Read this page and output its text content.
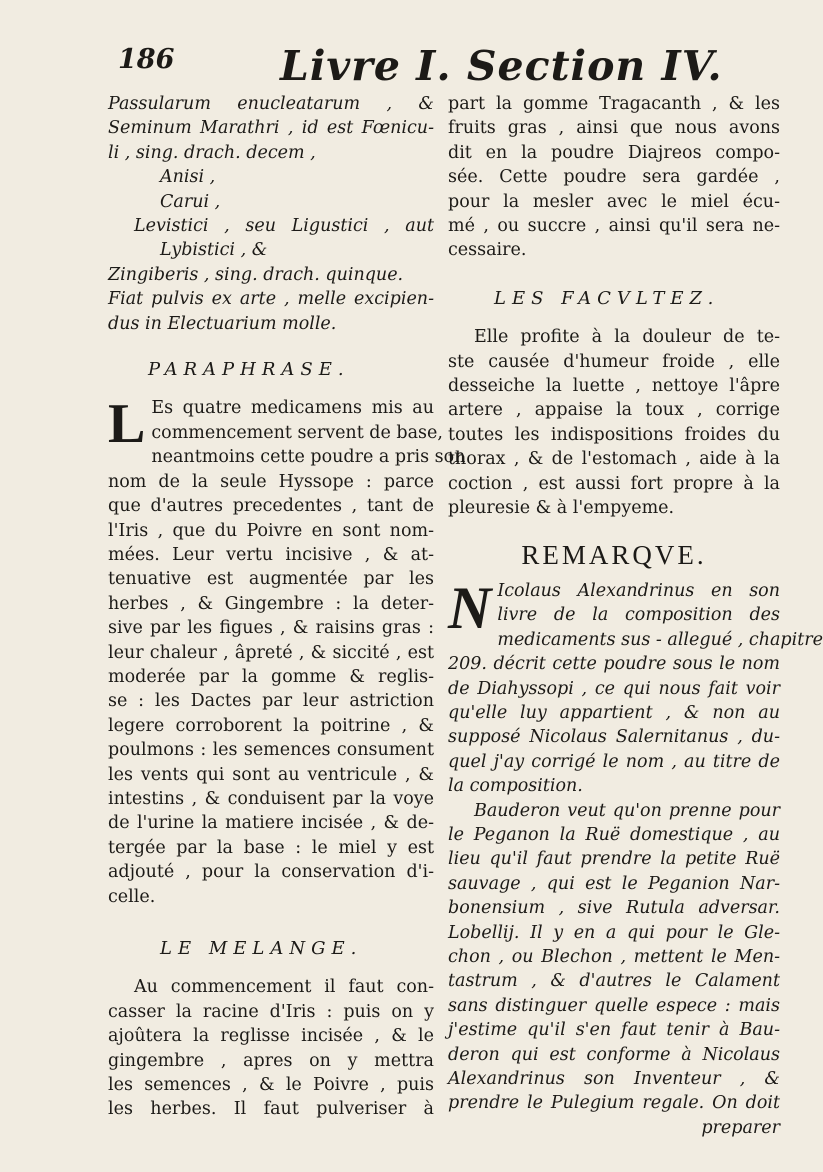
186	Livre I. Section IV.
Passularum enucleatarum , &
Seminum Marathri , id est Fœnicu-
li , sing. drach. decem ,
Anisi ,
Carui ,
Levistici , seu Ligustici , aut
Lybistici , &
Zingiberis , sing. drach. quinque.
Fiat pulvis ex arte , melle excipien-
dus in Electuarium molle.
PARAPHRASE.
L Es quatre medicamens mis au
commencement servent de base,
neantmoins cette poudre a pris son
nom de la seule Hyssope : parce
que d'autres precedentes , tant de
l'Iris , que du Poivre en sont nom-
mées. Leur vertu incisive , & at-
tenuative est augmentée par les
herbes , & Gingembre : la deter-
sive par les figues , & raisins gras :
leur chaleur , âpreté , & siccité , est
moderée par la gomme & reglis-
se : les Dactes par leur astriction
legere corroborent la poitrine , &
poulmons : les semences consument
les vents qui sont au ventricule , &
intestins , & conduisent par la voye
de l'urine la matiere incisée , & de-
tergée par la base : le miel y est
adjouté , pour la conservation d'i-
celle.
LE MELANGE.
Au commencement il faut con-
casser la racine d'Iris : puis on y
ajoûtera la reglisse incisée , & le
gingembre , apres on y mettra
les semences , & le Poivre , puis
les herbes. Il faut pulveriser à
part la gomme Tragacanth , & les
fruits gras , ainsi que nous avons
dit en la poudre Diajreos compo-
sée. Cette poudre sera gardée ,
pour la mesler avec le miel écu-
mé , ou succre , ainsi qu'il sera ne-
cessaire.
LES FACVLTEZ.
Elle profite à la douleur de te-
ste causée d'humeur froide , elle
desseiche la luette , nettoye l'âpre
artere , appaise la toux , corrige
toutes les indispositions froides du
thorax , & de l'estomach , aide à la
coction , est aussi fort propre à la
pleuresie & à l'empyeme.
REMARQVE.
N Icolaus Alexandrinus en son
livre de la composition des
medicaments sus - allegué , chapitre
209. décrit cette poudre sous le nom
de Diahyssopi , ce qui nous fait voir
qu'elle luy appartient , & non au
supposé Nicolaus Salernitanus , du-
quel j'ay corrigé le nom , au titre de
la composition.
Bauderon veut qu'on prenne pour
le Peganon la Ruë domestique , au
lieu qu'il faut prendre la petite Ruë
sauvage , qui est le Peganion Nar-
bonensium , sive Rutula adversar.
Lobellij. Il y en a qui pour le Gle-
chon , ou Blechon , mettent le Men-
tastrum , & d'autres le Calament
sans distinguer quelle espece : mais
j'estime qu'il s'en faut tenir à Bau-
deron qui est conforme à Nicolaus
Alexandrinus son Inventeur , &
prendre le Pulegium regale. On doit
preparer
